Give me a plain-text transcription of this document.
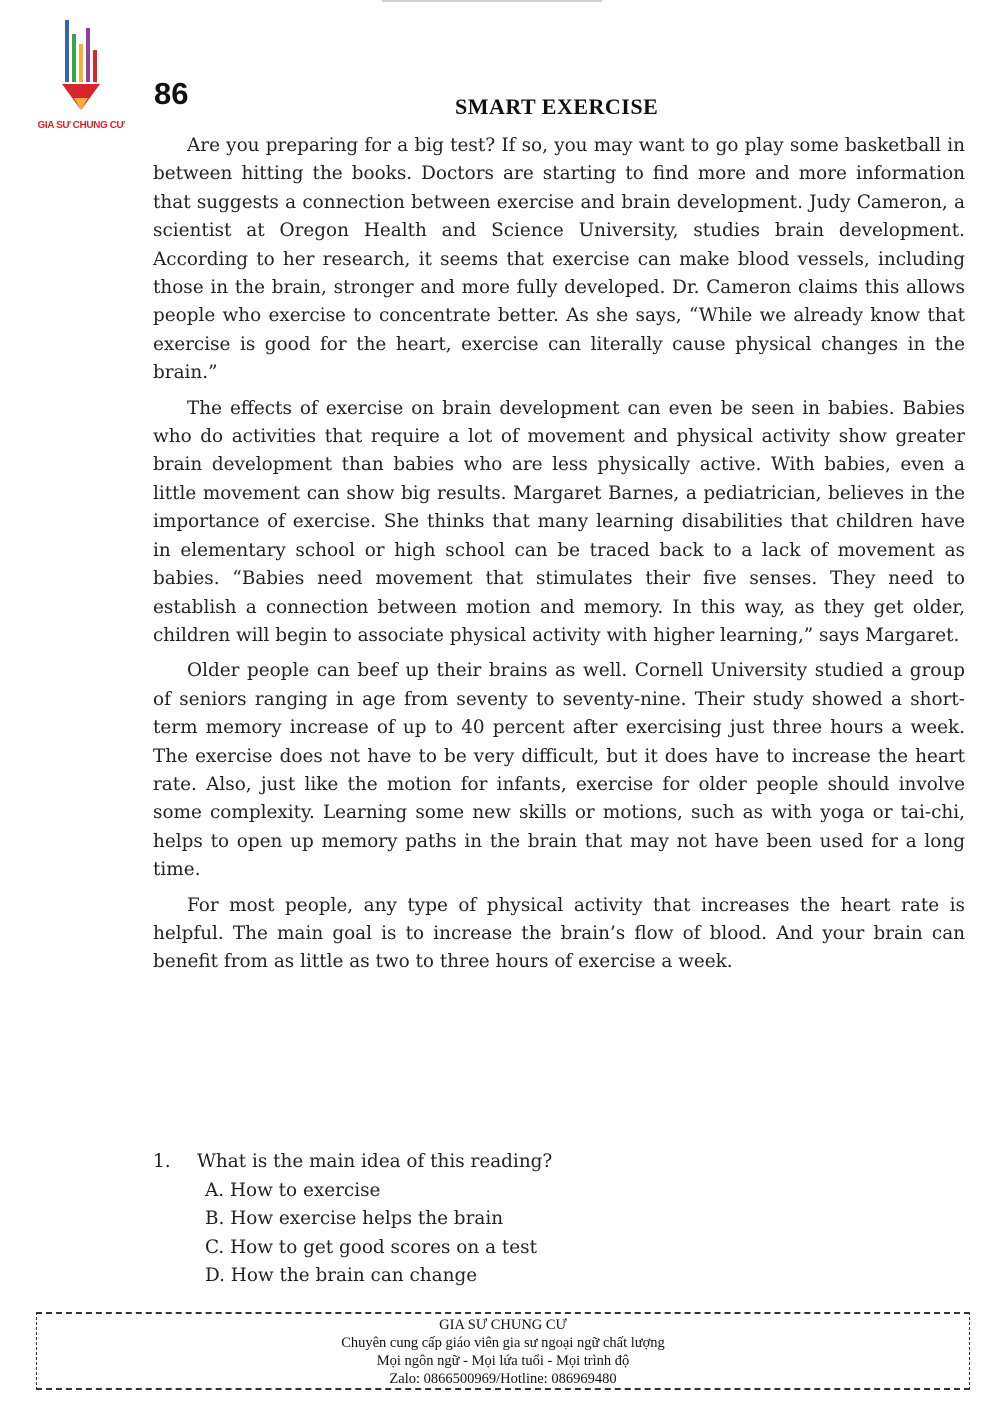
GIA SƯ CHUNG CƯ
86	SMART EXERCISE

Are you preparing for a big test? If so, you may want to go play some basketball in between hitting the books. Doctors are starting to find more and more information that suggests a connection between exercise and brain development. Judy Cameron, a scientist at Oregon Health and Science University, studies brain development. According to her research, it seems that exercise can make blood vessels, including those in the brain, stronger and more fully developed. Dr. Cameron claims this allows people who exercise to concentrate better. As she says, “While we already know that exercise is good for the heart, exercise can literally cause physical changes in the brain.”

The effects of exercise on brain development can even be seen in babies. Babies who do activities that require a lot of movement and physical activity show greater brain development than babies who are less physically active. With babies, even a little movement can show big results. Margaret Barnes, a pediatrician, believes in the importance of exercise. She thinks that many learning disabilities that children have in elementary school or high school can be traced back to a lack of movement as babies. “Babies need movement that stimulates their five senses. They need to establish a connection between motion and memory. In this way, as they get older, children will begin to associate physical activity with higher learning,” says Margaret.

Older people can beef up their brains as well. Cornell University studied a group of seniors ranging in age from seventy to seventy-nine. Their study showed a short-term memory increase of up to 40 percent after exercising just three hours a week. The exercise does not have to be very difficult, but it does have to increase the heart rate. Also, just like the motion for infants, exercise for older people should involve some complexity. Learning some new skills or motions, such as with yoga or tai-chi, helps to open up memory paths in the brain that may not have been used for a long time.

For most people, any type of physical activity that increases the heart rate is helpful. The main goal is to increase the brain’s flow of blood. And your brain can benefit from as little as two to three hours of exercise a week.

1. What is the main idea of this reading?
A. How to exercise
B. How exercise helps the brain
C. How to get good scores on a test
D. How the brain can change
GIA SƯ CHUNG CƯ
Chuyên cung cấp giáo viên gia sư ngoại ngữ chất lượng
Mọi ngôn ngữ - Mọi lứa tuổi - Mọi trình độ
Zalo: 0866500969/Hotline: 086969480
